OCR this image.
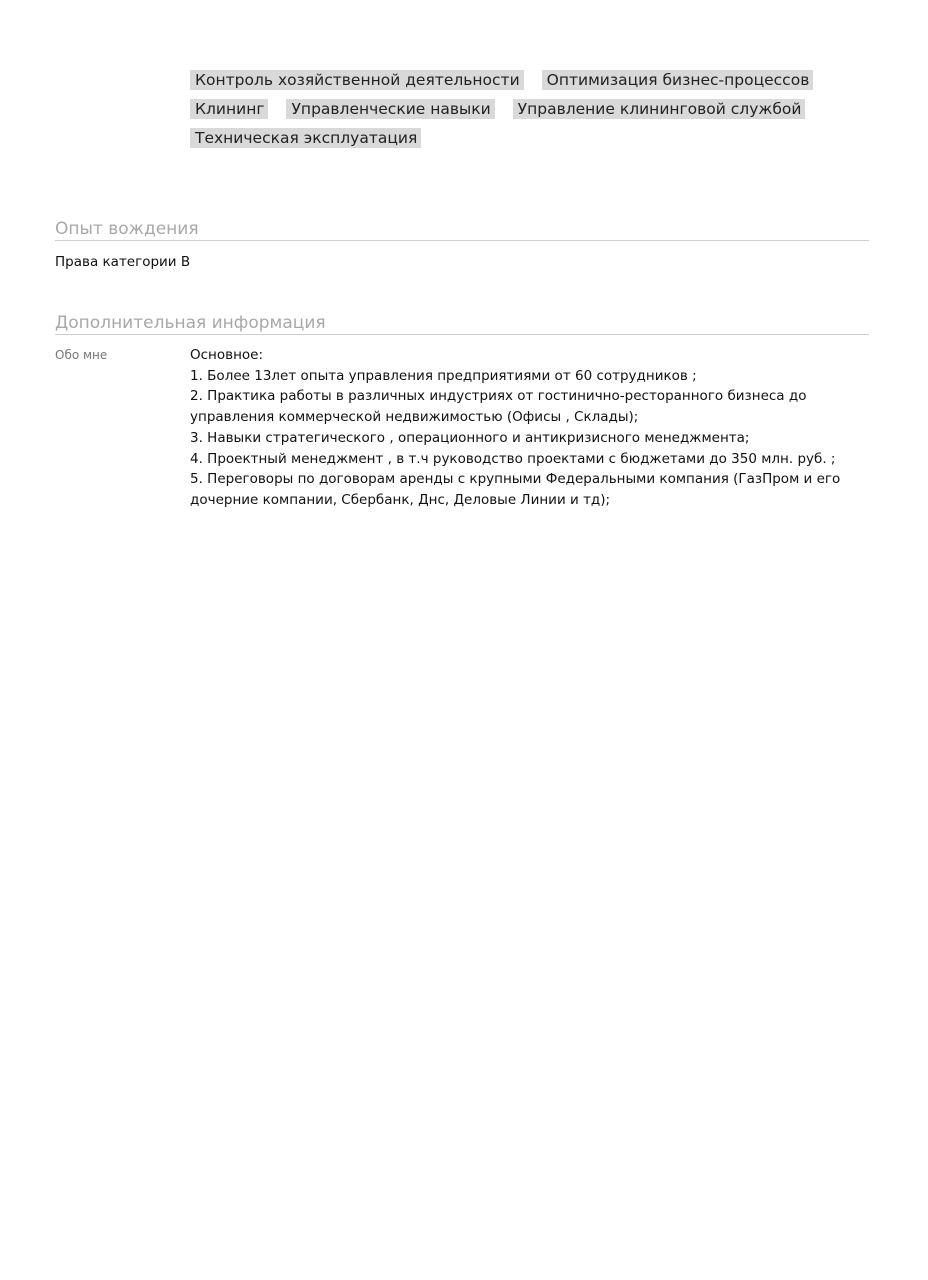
Контроль хозяйственной деятельности	Оптимизация бизнес-процессов
Клининг	Управленческие навыки	Управление клининговой службой
Техническая эксплуатация
Опыт вождения
Права категории B
Дополнительная информация
Обо мне	Основное:
1. Более 13лет опыта управления предприятиями от 60 сотрудников ;
2. Практика работы в различных индустриях от гостинично-ресторанного бизнеса до
управления коммерческой недвижимостью (Офисы , Склады);
3. Навыки стратегического , операционного и антикризисного менеджмента;
4. Проектный менеджмент , в т.ч руководство проектами с бюджетами до 350 млн. руб. ;
5. Переговоры по договорам аренды с крупными Федеральными компания (ГазПром и его
дочерние компании, Сбербанк, Днс, Деловые Линии и тд);
